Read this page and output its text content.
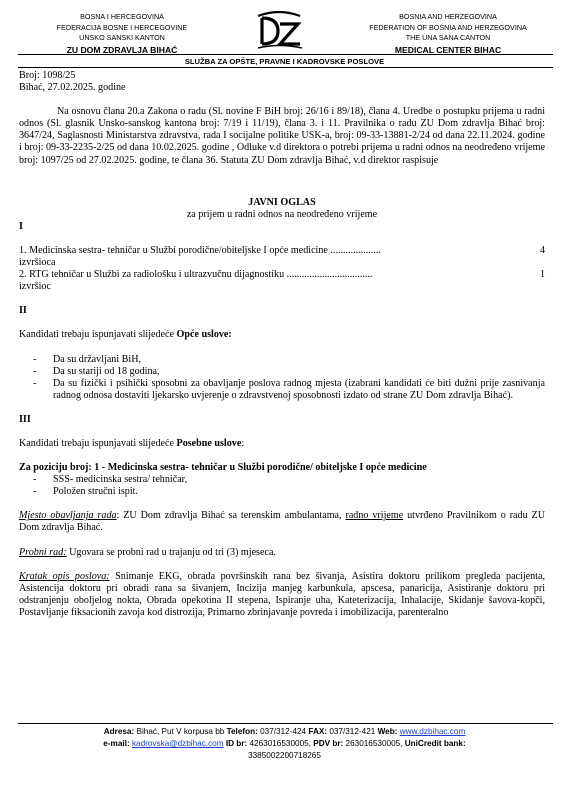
BOSNA I HERCEGOVINA
FEDERACIJA BOSNE I HERCEGOVINE
UNSKO SANSKI KANTON
ZU DOM ZDRAVLJA BIHAĆ
BOSNIA AND HERZEGOVINA
FEDERATION OF BOSNIA AND HERZEGOVINA
THE UNA SANA CANTON
MEDICAL CENTER BIHAC
SLUŽBA ZA OPŠTE, PRAVNE I KADROVSKE POSLOVE

Broj: 1098/25

Bihać, 27.02.2025. godine

Na osnovu člana 20.a Zakona o radu (Sl. novine F BiH broj: 26/16 i 89/18), člana 4. Uredbe o postupku prijema u radni odnos (Sl. glasnik Unsko-sanskog kantona broj: 7/19 i 11/19), člana 3. i 11. Pravilnika o radu ZU Dom zdravlja Bihać broj: 3647/24, Saglasnosti Ministarstva zdravstva, rada I socijalne politike USK-a, broj: 09-33-13881-2/24 od dana 22.11.2024. godine i broj: 09-33-2235-2/25 od dana 10.02.2025. godine , Odluke v.d direktora o potrebi prijema u radni odnos na neodređeno vrijeme broj: 1097/25 od 27.02.2025. godine, te člana 36. Statuta ZU Dom zdravlja Bihać, v.d direktor raspisuje

JAVNI OGLAS

za prijem u radni odnos na neodređeno vrijeme

I

1. Medicinska sestra- tehničar u Službi porodične/obiteljske I opće medicine ....................	4

izvršioca

2. RTG tehničar u Službi za radiološku i ultrazvučnu dijagnostiku ..................................	1

izvršioc

II

Kandidati trebaju ispunjavati slijedeće Opće uslove:

-	Da su državljani BiH,
-	Da su stariji od 18 godina,
-	Da su fizički i psihički sposobni za obavljanje poslova radnog mjesta (izabrani kandidati će biti dužni prije zasnivanja radnog odnosa dostaviti ljekarsko uvjerenje o zdravstvenoj sposobnosti izdato od strane ZU Dom zdravlja Bihać).

III

Kandidati trebaju ispunjavati slijedeće Posebne uslove:

Za poziciju broj: 1 - Medicinska sestra- tehničar u Službi porodične/ obiteljske I opće medicine

-	SSS- medicinska sestra/ tehničar,
-	Položen stručni ispit.

Mjesto obavljanja rada: ZU Dom zdravlja Bihać sa terenskim ambulantama, radno vrijeme utvrđeno Pravilnikom o radu ZU Dom zdravlja Bihać.

Probni rad: Ugovara se probni rad u trajanju od tri (3) mjeseca.

Kratak opis poslova: Snimanje EKG, obrada površinskih rana bez šivanja, Asistira doktoru prilikom pregleda pacijenta, Asistencija doktoru pri obradi rana sa šivanjem, Incizija manjeg karbunkula, apscesa, panaricija, Asistiranje doktoru pri odstranjenju oboljelog nokta, Obrada opekotina II stepena, Ispiranje uha, Kateterizacija, Inhalacije, Skidanje šavova-kopči, Postavljanje fiksacionih zavoja kod distrozija, Primarno zbrinjavanje povreda i imobilizacija, parenteralno

Adresa: Bihać, Put V korpusa bb Telefon: 037/312-424 FAX: 037/312-421 Web: www.dzbihac.com
e-mail: kadrovska@dzbihac.com ID br: 4263016530005, PDV br: 263016530005, UniCredit bank:
3385002200718265
